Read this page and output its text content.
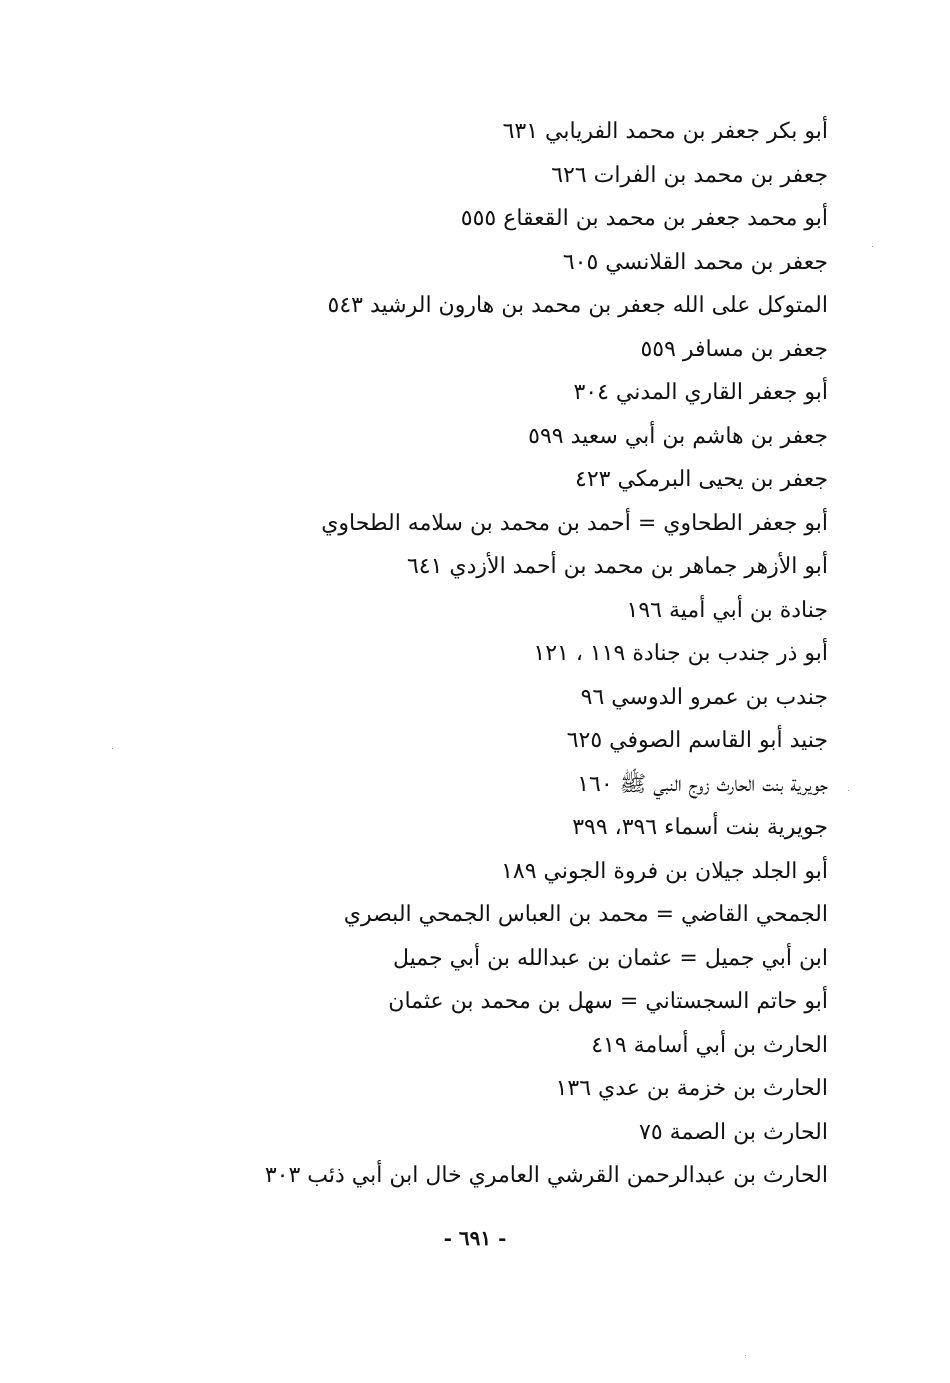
أبو بكر جعفر بن محمد الفريابي ٦٣١
جعفر بن محمد بن الفرات ٦٢٦
أبو محمد جعفر بن محمد بن القعقاع ٥٥٥
جعفر بن محمد القلانسي ٦٠٥
المتوكل على الله جعفر بن محمد بن هارون الرشيد ٥٤٣
جعفر بن مسافر ٥٥٩
أبو جعفر القاري المدني ٣٠٤
جعفر بن هاشم بن أبي سعيد ٥٩٩
جعفر بن يحيى البرمكي ٤٢٣
أبو جعفر الطحاوي = أحمد بن محمد بن سلامه الطحاوي
أبو الأزهر جماهر بن محمد بن أحمد الأزدي ٦٤١
جنادة بن أبي أمية ١٩٦
أبو ذر جندب بن جنادة ١١٩ ، ١٢١
جندب بن عمرو الدوسي ٩٦
جنيد أبو القاسم الصوفي ٦٢٥
جويرية بنت الحارث زوج النبي ﷺ ١٦٠
جويرية بنت أسماء ٣٩٦، ٣٩٩
أبو الجلد جيلان بن فروة الجوني ١٨٩
الجمحي القاضي = محمد بن العباس الجمحي البصري
ابن أبي جميل = عثمان بن عبدالله بن أبي جميل
أبو حاتم السجستاني = سهل بن محمد بن عثمان
الحارث بن أبي أسامة ٤١٩
الحارث بن خزمة بن عدي ١٣٦
الحارث بن الصمة ٧٥
الحارث بن عبدالرحمن القرشي العامري خال ابن أبي ذئب ٣٠٣
- ٦٩١ -
